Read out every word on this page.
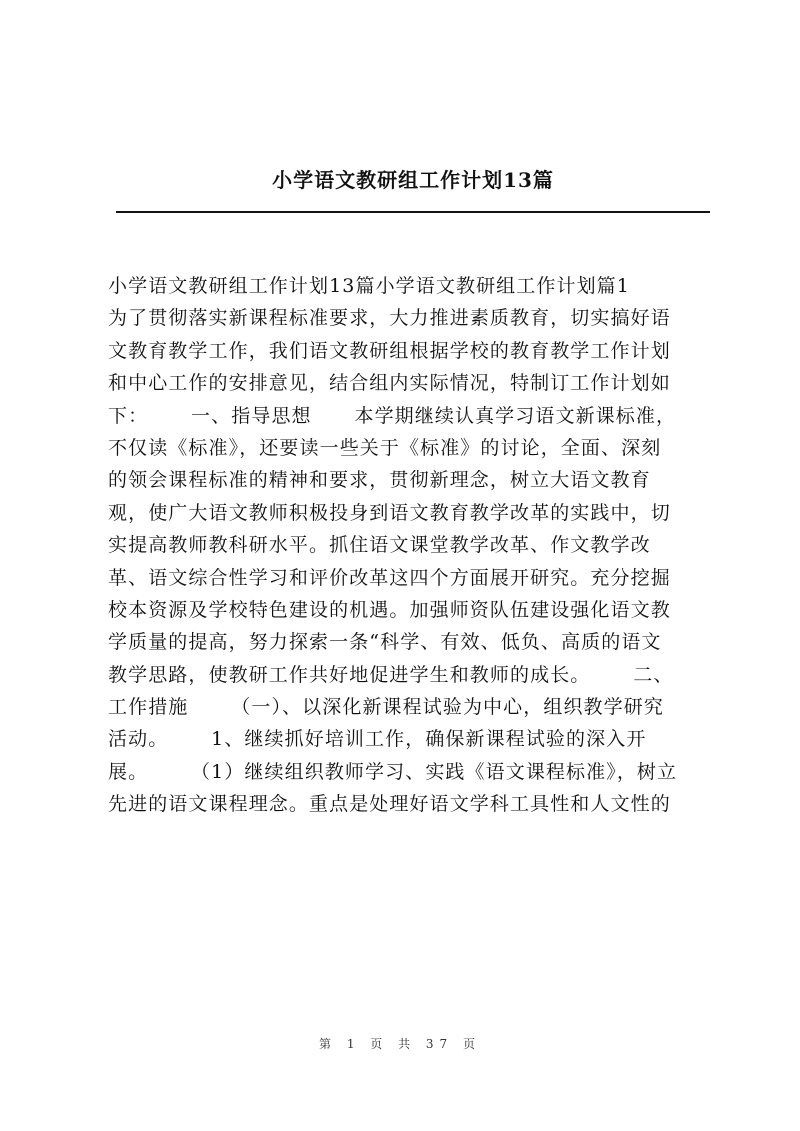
小学语文教研组工作计划13篇
小学语文教研组工作计划13篇小学语文教研组工作计划篇1
为了贯彻落实新课程标准要求，大力推进素质教育，切实搞好语
文教育教学工作，我们语文教研组根据学校的教育教学工作计划
和中心工作的安排意见，结合组内实际情况，特制订工作计划如
下：      一、指导思想      本学期继续认真学习语文新课标准，
不仅读《标准》，还要读一些关于《标准》的讨论，全面、深刻
的领会课程标准的精神和要求，贯彻新理念，树立大语文教育
观，使广大语文教师积极投身到语文教育教学改革的实践中，切
实提高教师教科研水平。抓住语文课堂教学改革、作文教学改
革、语文综合性学习和评价改革这四个方面展开研究。充分挖掘
校本资源及学校特色建设的机遇。加强师资队伍建设强化语文教
学质量的提高，努力探索一条“科学、有效、低负、高质的语文
教学思路，使教研工作共好地促进学生和教师的成长。      二、
工作措施      （一）、以深化新课程试验为中心，组织教学研究
活动。      1、继续抓好培训工作，确保新课程试验的深入开
展。      （1）继续组织教师学习、实践《语文课程标准》，树立
先进的语文课程理念。重点是处理好语文学科工具性和人文性的
第 1 页 共 37 页
